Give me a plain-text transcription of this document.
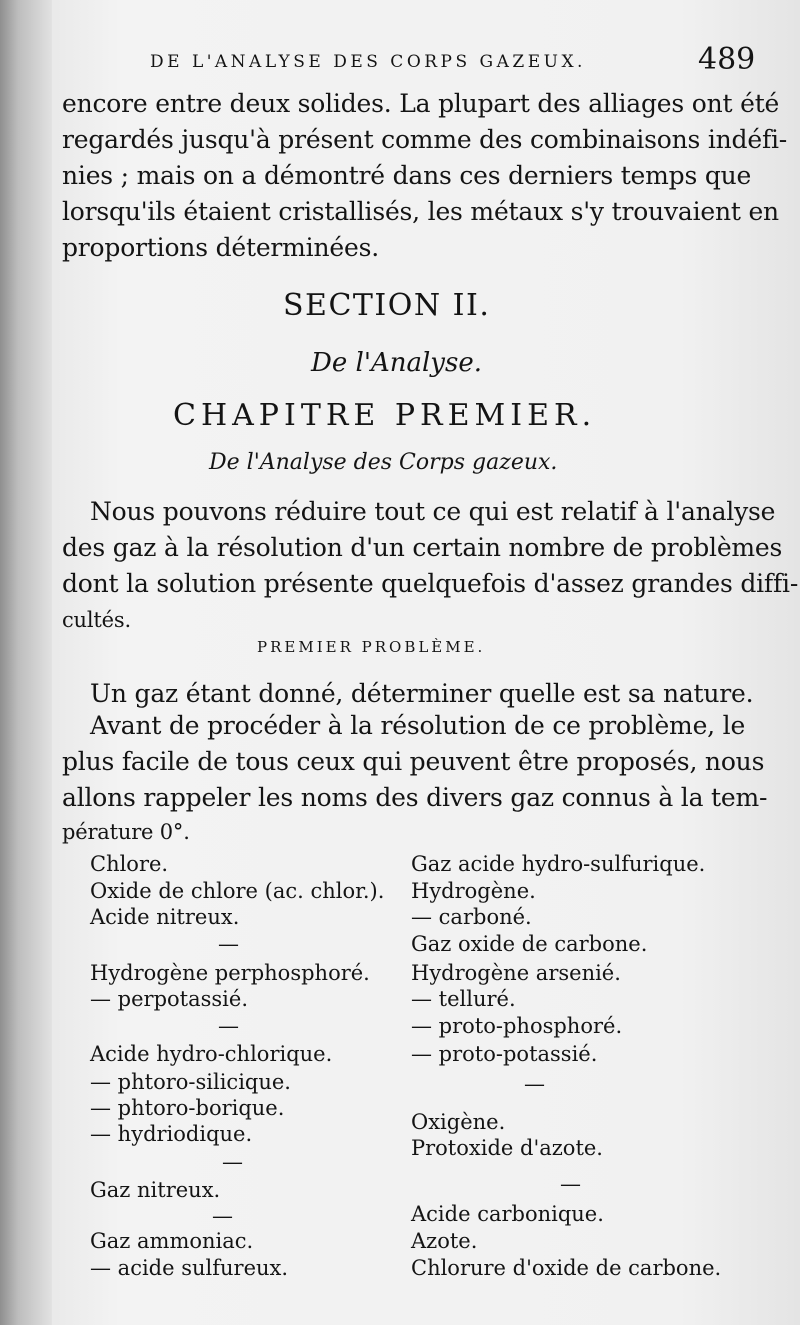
DE L'ANALYSE DES CORPS GAZEUX.	489
encore entre deux solides. La plupart des alliages ont été
regardés jusqu'à présent comme des combinaisons indéfi-
nies ; mais on a démontré dans ces derniers temps que
lorsqu'ils étaient cristallisés, les métaux s'y trouvaient en
proportions déterminées.
SECTION II.
De l'Analyse.
CHAPITRE PREMIER.
De l'Analyse des Corps gazeux.
Nous pouvons réduire tout ce qui est relatif à l'analyse
des gaz à la résolution d'un certain nombre de problèmes
dont la solution présente quelquefois d'assez grandes diffi-
cultés.
PREMIER PROBLÈME.
Un gaz étant donné, déterminer quelle est sa nature.
Avant de procéder à la résolution de ce problème, le
plus facile de tous ceux qui peuvent être proposés, nous
allons rappeler les noms des divers gaz connus à la tem-
pérature 0°.
Chlore.
Oxide de chlore (ac. chlor.).
Acide nitreux.
—
Hydrogène perphosphoré.
— perpotassié.
—
Acide hydro-chlorique.
— phtoro-silicique.
— phtoro-borique.
— hydriodique.
—
Gaz nitreux.
—
Gaz ammoniac.
— acide sulfureux.
Gaz acide hydro-sulfurique.
Hydrogène.
— carboné.
Gaz oxide de carbone.
Hydrogène arsenié.
— telluré.
— proto-phosphoré.
— proto-potassié.
—
Oxigène.
Protoxide d'azote.
—
Acide carbonique.
Azote.
Chlorure d'oxide de carbone.
